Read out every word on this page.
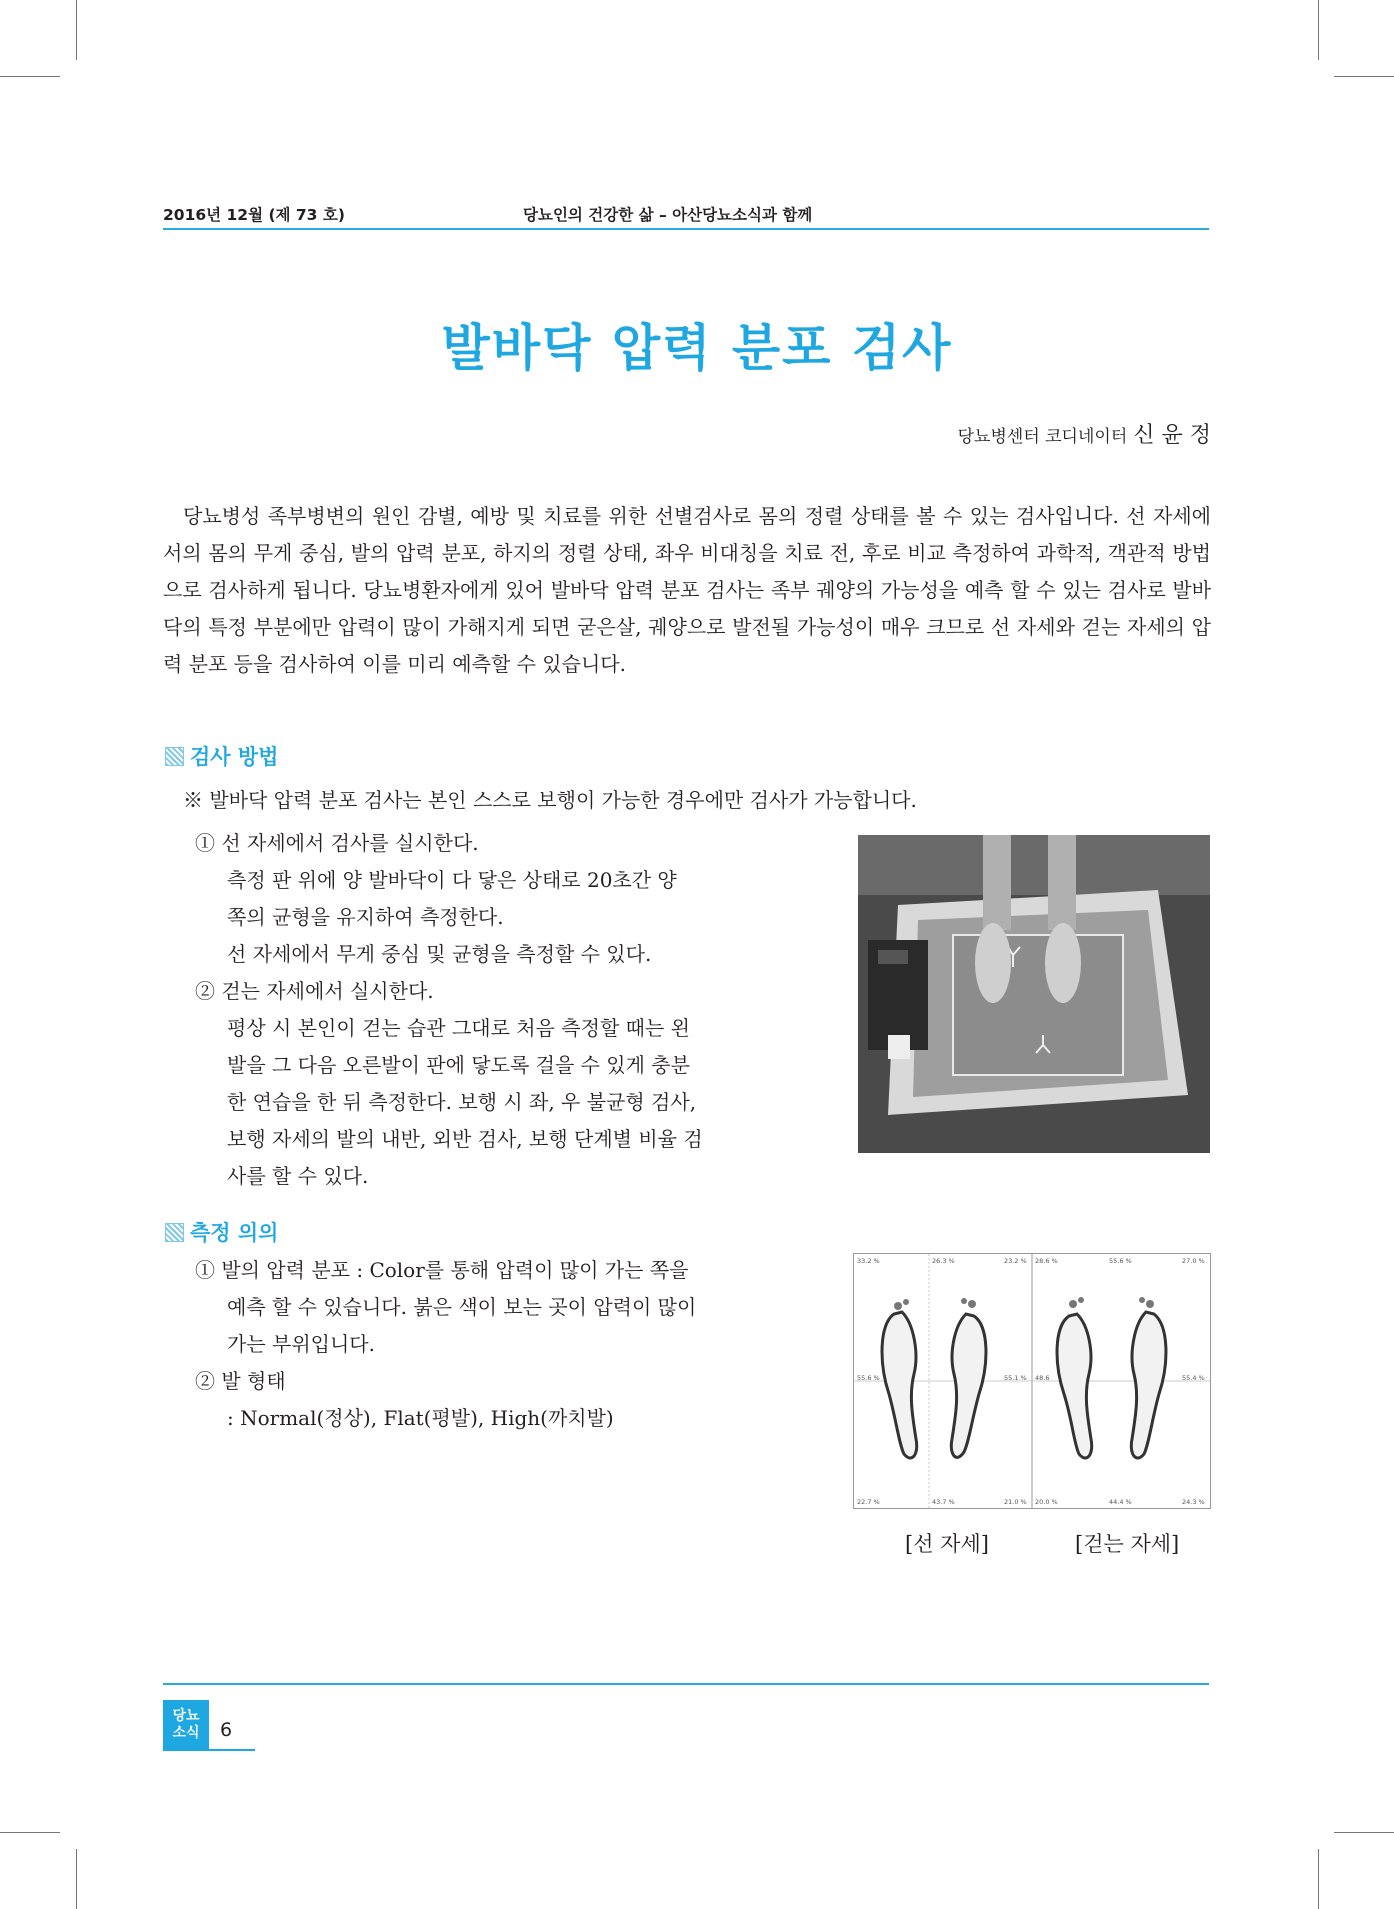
2016년 12월 (제 73 호)	당뇨인의 건강한 삶 – 아산당뇨소식과 함께
발바닥 압력 분포 검사
당뇨병센터 코디네이터 신 윤 정
당뇨병성 족부병변의 원인 감별, 예방 및 치료를 위한 선별검사로 몸의 정렬 상태를 볼 수 있는 검사입니다. 선 자세에서의 몸의 무게 중심, 발의 압력 분포, 하지의 정렬 상태, 좌우 비대칭을 치료 전, 후로 비교 측정하여 과학적, 객관적 방법으로 검사하게 됩니다. 당뇨병환자에게 있어 발바닥 압력 분포 검사는 족부 궤양의 가능성을 예측 할 수 있는 검사로 발바닥의 특정 부분에만 압력이 많이 가해지게 되면 굳은살, 궤양으로 발전될 가능성이 매우 크므로 선 자세와 걷는 자세의 압력 분포 등을 검사하여 이를 미리 예측할 수 있습니다.
검사 방법
※ 발바닥 압력 분포 검사는 본인 스스로 보행이 가능한 경우에만 검사가 가능합니다.
① 선 자세에서 검사를 실시한다.
측정 판 위에 양 발바닥이 다 닿은 상태로 20초간 양
쪽의 균형을 유지하여 측정한다.
선 자세에서 무게 중심 및 균형을 측정할 수 있다.
② 걷는 자세에서 실시한다.
평상 시 본인이 걷는 습관 그대로 처음 측정할 때는 왼
발을 그 다음 오른발이 판에 닿도록 걸을 수 있게 충분
한 연습을 한 뒤 측정한다. 보행 시 좌, 우 불균형 검사,
보행 자세의 발의 내반, 외반 검사, 보행 단계별 비율 검
사를 할 수 있다.
측정 의의
① 발의 압력 분포 : Color를 통해 압력이 많이 가는 쪽을
예측 할 수 있습니다. 붉은 색이 보는 곳이 압력이 많이
가는 부위입니다.
② 발 형태
: Normal(정상), Flat(평발), High(까치발)
33.2 %	26.3 %	23.2 %
55.6 %	55.1 %
22.7 %	43.7 %	21.0 %
28.6 %	55.6 %	27.0 %
48.6	55.4 %
20.0 %	44.4 %	24.3 %
[선 자세]	[걷는 자세]
당뇨
소식	6
